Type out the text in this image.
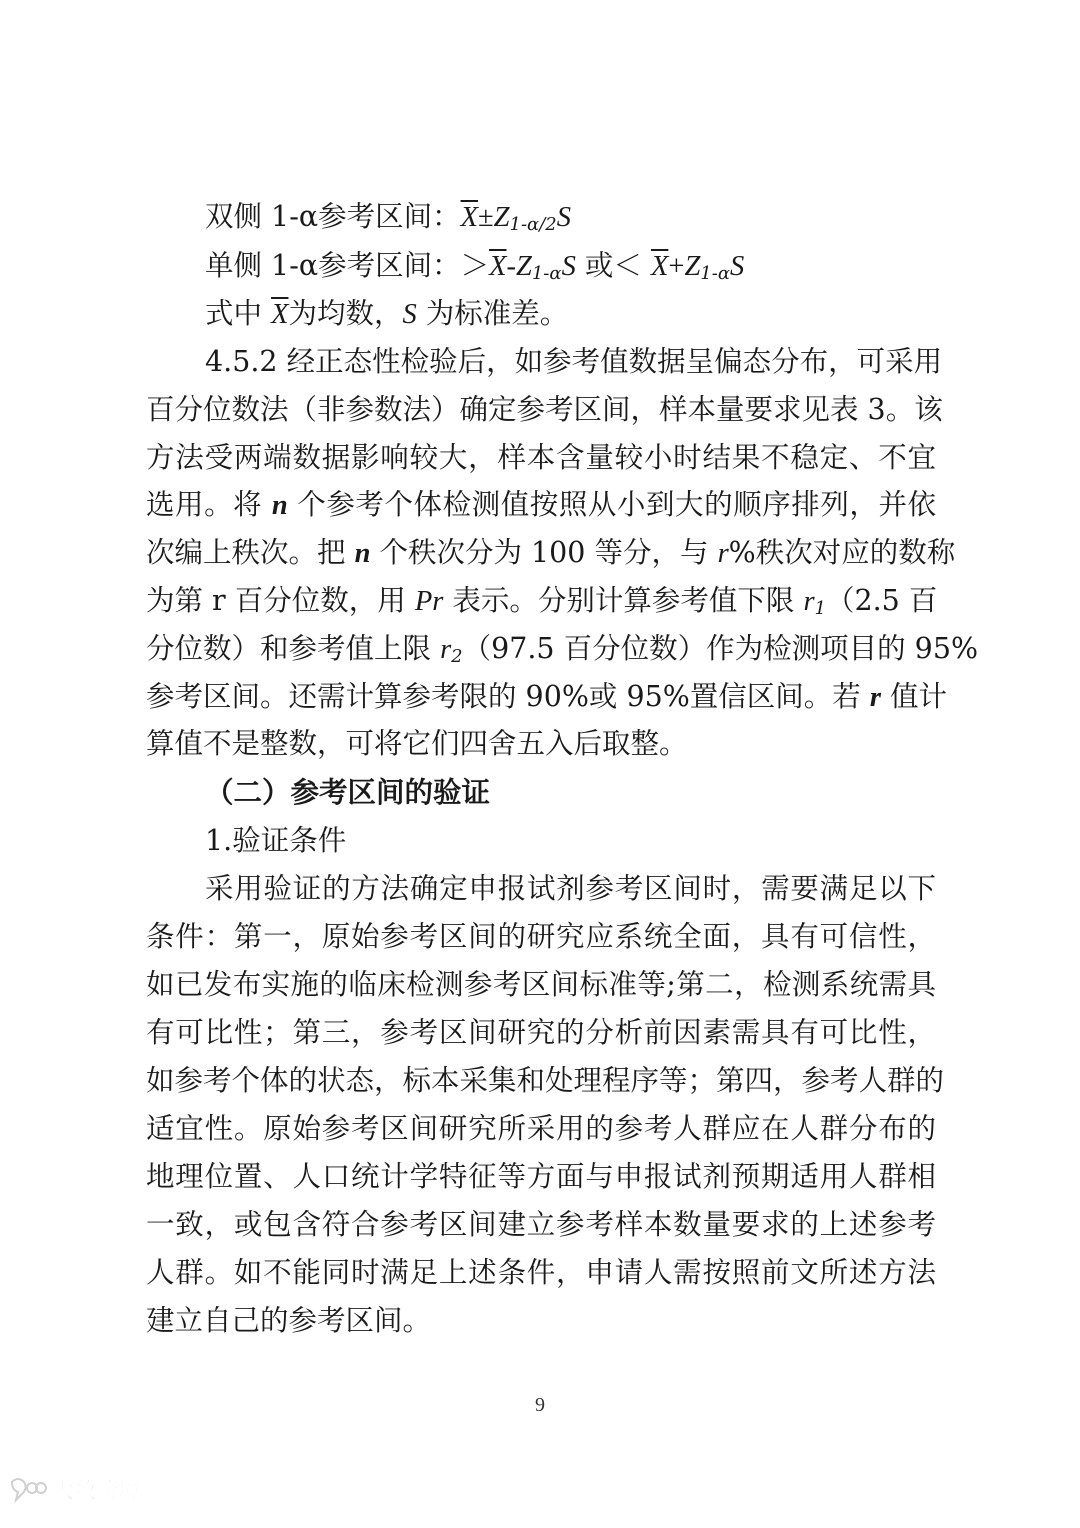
双侧 1-α参考区间：$\overline{X}\pm Z_{1-\alpha/2}S$
单侧 1-α参考区间：$>\overline{X}-Z_{1-\alpha}S$ 或＜ $\overline{X}+Z_{1-\alpha}S$
式中 $\overline{X}$为均数，S 为标准差。
4.5.2 经正态性检验后，如参考值数据呈偏态分布，可采用
百分位数法（非参数法）确定参考区间，样本量要求见表 3。该
方法受两端数据影响较大，样本含量较小时结果不稳定、不宜
选用。将 n 个参考个体检测值按照从小到大的顺序排列，并依
次编上秩次。把 n 个秩次分为 100 等分，与 r%秩次对应的数称
为第 r 百分位数，用 Pr 表示。分别计算参考值下限 $r_1(2.5$ 百
分位数）和参考值上限 $r_2(97.5$ 百分位数）作为检测项目的 95%
参考区间。还需计算参考限的 90%或 95%置信区间。若 r 值计
算值不是整数，可将它们四舍五入后取整。
（二）参考区间的验证
1.验证条件
采用验证的方法确定申报试剂参考区间时，需要满足以下
条件：第一，原始参考区间的研究应系统全面，具有可信性，
如已发布实施的临床检测参考区间标准等;第二，检测系统需具
有可比性；第三，参考区间研究的分析前因素需具有可比性，
如参考个体的状态，标本采集和处理程序等；第四，参考人群的
适宜性。原始参考区间研究所采用的参考人群应在人群分布的
地理位置、人口统计学特征等方面与申报试剂预期适用人群相
一致，或包含符合参考区间建立参考样本数量要求的上述参考
人群。如不能同时满足上述条件，申请人需按照前文所述方法
建立自己的参考区间。
9
大数跨境
